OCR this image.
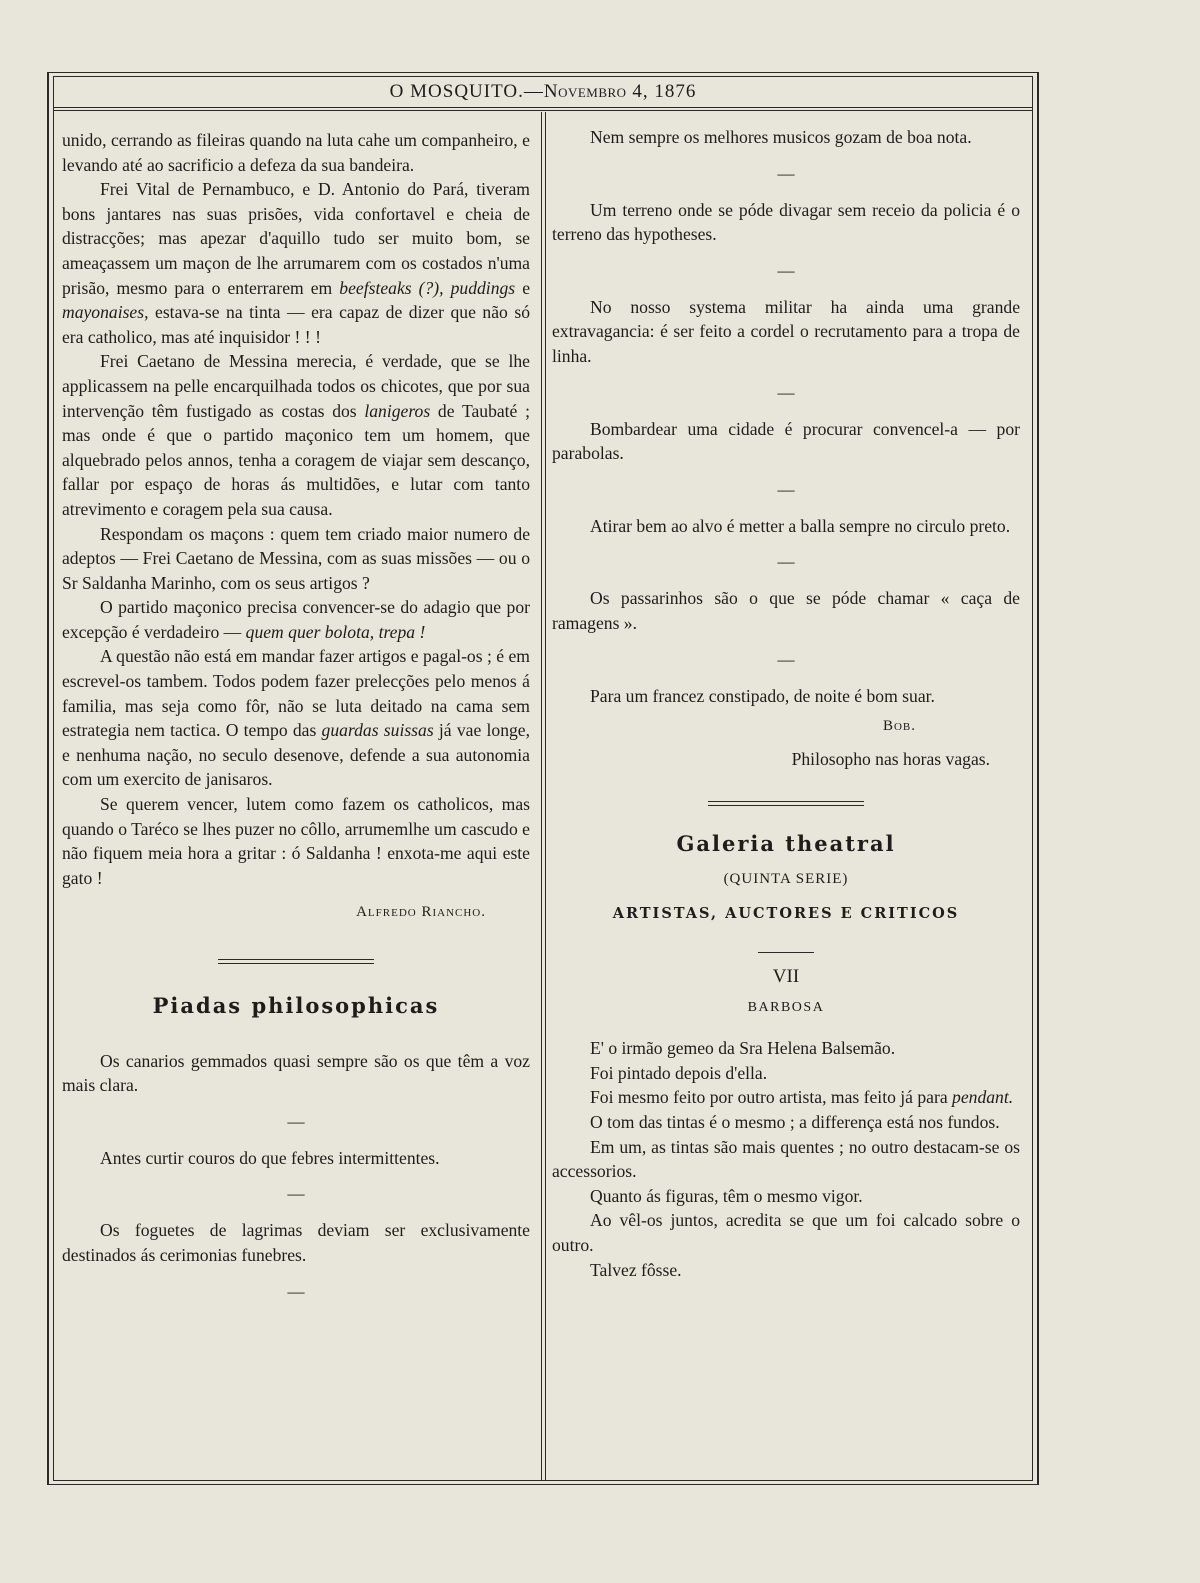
O MOSQUITO.—Novembro 4, 1876

unido, cerrando as fileiras quando na luta cahe um companheiro, e levando até ao sacrificio a defeza da sua bandeira.

Frei Vital de Pernambuco, e D. Antonio do Pará, tiveram bons jantares nas suas prisões, vida confortavel e cheia de distracções; mas apezar d'aquillo tudo ser muito bom, se ameaçassem um maçon de lhe arrumarem com os costados n'uma prisão, mesmo para o enterrarem em beefsteaks (?), puddings e mayonaises, estava-se na tinta — era capaz de dizer que não só era catholico, mas até inquisidor ! ! !

Frei Caetano de Messina merecia, é verdade, que se lhe applicassem na pelle encarquilhada todos os chicotes, que por sua intervenção têm fustigado as costas dos lanigeros de Taubaté ; mas onde é que o partido maçonico tem um homem, que alquebrado pelos annos, tenha a coragem de viajar sem descanço, fallar por espaço de horas ás multidões, e lutar com tanto atrevimento e coragem pela sua causa.

Respondam os maçons : quem tem criado maior numero de adeptos — Frei Caetano de Messina, com as suas missões — ou o Sr Saldanha Marinho, com os seus artigos ?

O partido maçonico precisa convencer-se do adagio que por excepção é verdadeiro — quem quer bolota, trepa !

A questão não está em mandar fazer artigos e pagal-os ; é em escrevel-os tambem. Todos podem fazer prelecções pelo menos á familia, mas seja como fôr, não se luta deitado na cama sem estrategia nem tactica. O tempo das guardas suissas já vae longe, e nenhuma nação, no seculo desenove, defende a sua autonomia com um exercito de janisaros.

Se querem vencer, lutem como fazem os catholicos, mas quando o Taréco se lhes puzer no côllo, arrumemlhe um cascudo e não fiquem meia hora a gritar : ó Saldanha ! enxota-me aqui este gato !

Alfredo Riancho.

Piadas philosophicas

Os canarios gemmados quasi sempre são os que têm a voz mais clara.

—

Antes curtir couros do que febres intermittentes.

—

Os foguetes de lagrimas deviam ser exclusivamente destinados ás cerimonias funebres.

—

Nem sempre os melhores musicos gozam de boa nota.

—

Um terreno onde se póde divagar sem receio da policia é o terreno das hypotheses.

—

No nosso systema militar ha ainda uma grande extravagancia: é ser feito a cordel o recrutamento para a tropa de linha.

—

Bombardear uma cidade é procurar convencel-a — por parabolas.

—

Atirar bem ao alvo é metter a balla sempre no circulo preto.

—

Os passarinhos são o que se póde chamar « caça de ramagens ».

—

Para um francez constipado, de noite é bom suar.

Bob.

Philosopho nas horas vagas.

Galeria theatral

(QUINTA SERIE)

ARTISTAS, AUCTORES E CRITICOS

VII

BARBOSA

E' o irmão gemeo da Sra Helena Balsemão.

Foi pintado depois d'ella.

Foi mesmo feito por outro artista, mas feito já para pendant.

O tom das tintas é o mesmo ; a differença está nos fundos.

Em um, as tintas são mais quentes ; no outro destacam-se os accessorios.

Quanto ás figuras, têm o mesmo vigor.

Ao vêl-os juntos, acredita se que um foi calcado sobre o outro.

Talvez fôsse.
